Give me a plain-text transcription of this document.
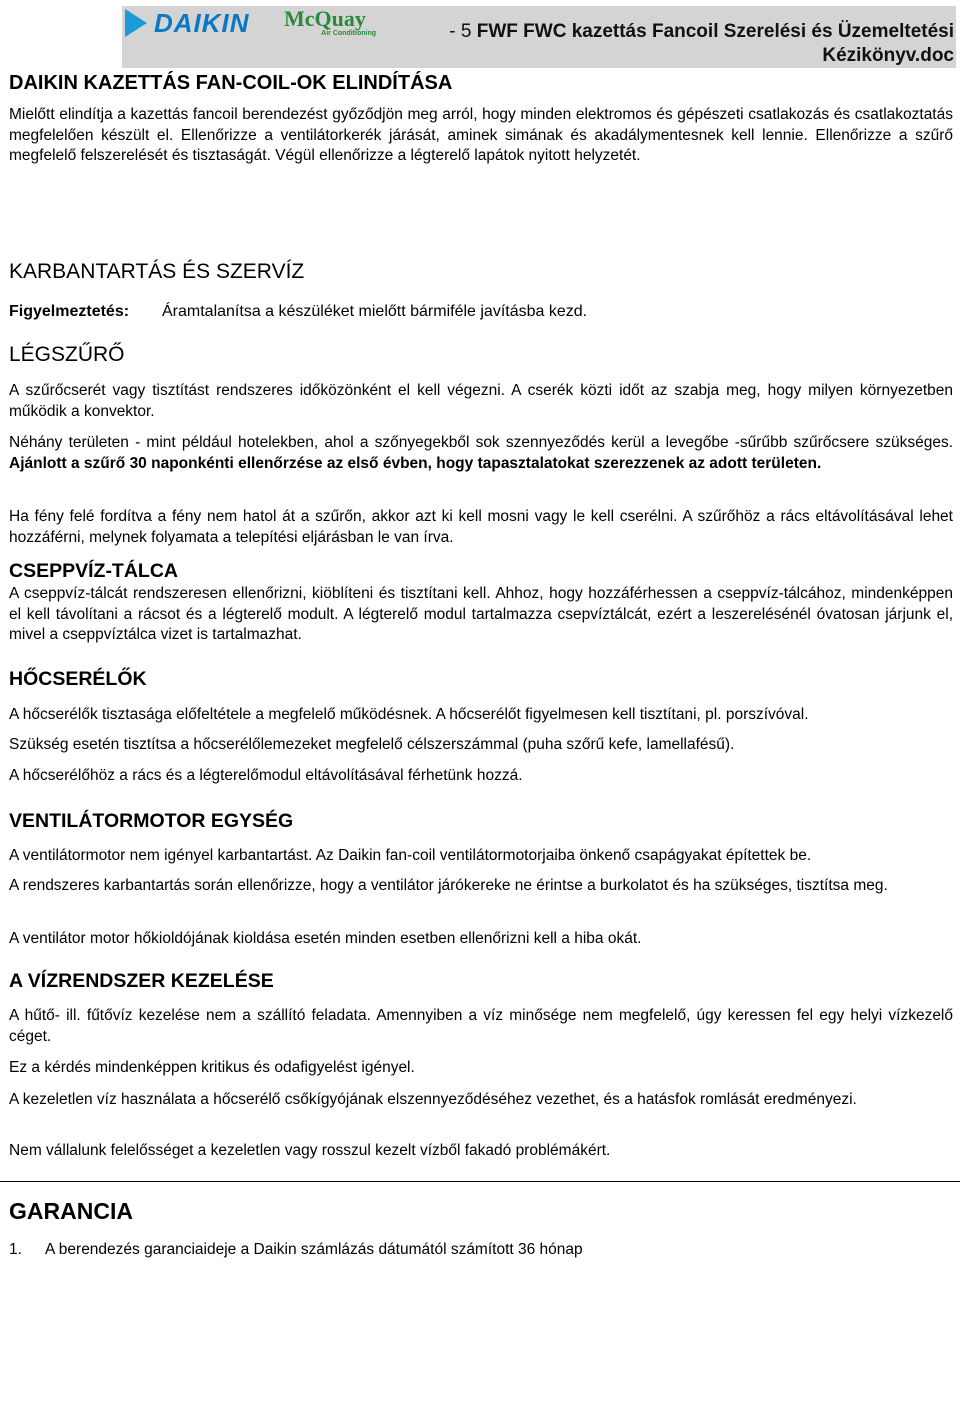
DAIKIN McQuay
Air Conditioning	- 5 FWF FWC kazettás Fancoil Szerelési és Üzemeltetési Kézikönyv.doc
DAIKIN KAZETTÁS FAN-COIL-OK ELINDÍTÁSA

Mielőtt elindítja a kazettás fancoil berendezést győződjön meg arról, hogy minden elektromos és gépészeti csatlakozás és csatlakoztatás megfelelően készült el. Ellenőrizze a ventilátorkerék járását, aminek simának és akadálymentesnek kell lennie. Ellenőrizze a szűrő megfelelő felszerelését és tisztaságát. Végül ellenőrizze a légterelő lapátok nyitott helyzetét.

KARBANTARTÁS ÉS SZERVÍZ
Figyelmeztetés: Áramtalanítsa a készüléket mielőtt bármiféle javításba kezd.
LÉGSZŰRŐ

A szűrőcserét vagy tisztítást rendszeres időközönként el kell végezni. A cserék közti időt az szabja meg, hogy milyen környezetben működik a konvektor.

Néhány területen - mint például hotelekben, ahol a szőnyegekből sok szennyeződés kerül a levegőbe -sűrűbb szűrőcsere szükséges. Ajánlott a szűrő 30 naponkénti ellenőrzése az első évben, hogy tapasztalatokat szerezzenek az adott területen.

Ha fény felé fordítva a fény nem hatol át a szűrőn, akkor azt ki kell mosni vagy le kell cserélni. A szűrőhöz a rács eltávolításával lehet hozzáférni, melynek folyamata a telepítési eljárásban le van írva.

CSEPPVÍZ-TÁLCA

A cseppvíz-tálcát rendszeresen ellenőrizni, kiöblíteni és tisztítani kell. Ahhoz, hogy hozzáférhessen a cseppvíz-tálcához, mindenképpen el kell távolítani a rácsot és a légterelő modult. A légterelő modul tartalmazza csepvíztálcát, ezért a leszerelésénél óvatosan járjunk el, mivel a cseppvíztálca vizet is tartalmazhat.

HŐCSERÉLŐK

A hőcserélők tisztasága előfeltétele a megfelelő működésnek. A hőcserélőt figyelmesen kell tisztítani, pl. porszívóval.

Szükség esetén tisztítsa a hőcserélőlemezeket megfelelő célszerszámmal (puha szőrű kefe, lamellafésű).

A hőcserélőhöz a rács és a légterelőmodul eltávolításával férhetünk hozzá.

VENTILÁTORMOTOR EGYSÉG

A ventilátormotor nem igényel karbantartást. Az Daikin fan-coil ventilátormotorjaiba önkenő csapágyakat építettek be.

A rendszeres karbantartás során ellenőrizze, hogy a ventilátor járókereke ne érintse a burkolatot és ha szükséges, tisztítsa meg.

A ventilátor motor hőkioldójának kioldása esetén minden esetben ellenőrizni kell a hiba okát.

A VÍZRENDSZER KEZELÉSE

A hűtő- ill. fűtővíz kezelése nem a szállító feladata. Amennyiben a víz minősége nem megfelelő, úgy keressen fel egy helyi vízkezelő céget.

Ez a kérdés mindenképpen kritikus és odafigyelést igényel.

A kezeletlen víz használata a hőcserélő csőkígyójának elszennyeződéséhez vezethet, és a hatásfok romlását eredményezi.

Nem vállalunk felelősséget a kezeletlen vagy rosszul kezelt vízből fakadó problémákért.

GARANCIA
1. A berendezés garanciaideje a Daikin számlázás dátumától számított 36 hónap
